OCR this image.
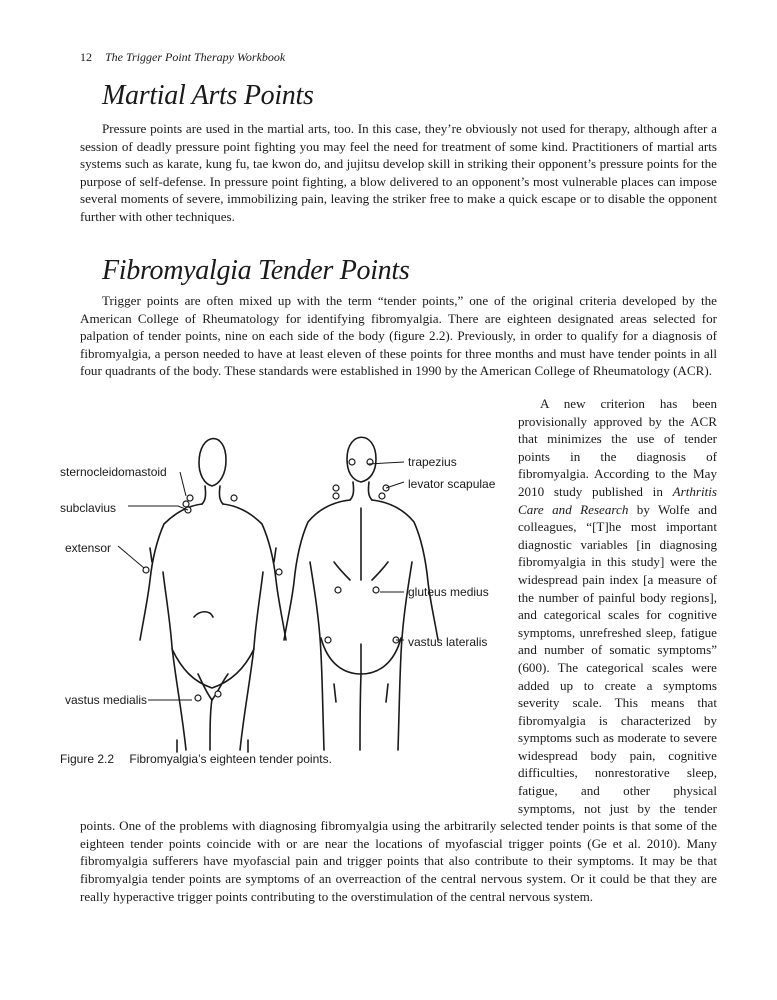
12 The Trigger Point Therapy Workbook
Martial Arts Points

Pressure points are used in the martial arts, too. In this case, they’re obviously not used for therapy, although after a session of deadly pressure point fighting you may feel the need for treatment of some kind. Practitioners of martial arts systems such as karate, kung fu, tae kwon do, and jujitsu develop skill in striking their opponent’s pressure points for the purpose of self-defense. In pressure point fighting, a blow delivered to an opponent’s most vulnerable places can impose several moments of severe, immobilizing pain, leaving the striker free to make a quick escape or to disable the opponent further with other techniques.

Fibromyalgia Tender Points

Trigger points are often mixed up with the term “tender points,” one of the original criteria developed by the American College of Rheumatology for identifying fibromyalgia. There are eighteen designated areas selected for palpation of tender points, nine on each side of the body (figure 2.2). Previously, in order to qualify for a diagnosis of fibromyalgia, a person needed to have at least eleven of these points for three months and must have tender points in all four quadrants of the body. These standards were established in 1990 by the American College of Rheumatology (ACR).

A new criterion has been provisionally approved by the ACR that minimizes the use of tender points in the diagnosis of fibromyalgia. According to the May 2010 study published in Arthritis Care and Research by Wolfe and colleagues, “[T]he most important diagnostic variables [in diagnosing fibromyalgia in this study] were the widespread pain index [a measure of the number of painful body regions], and categorical scales for cognitive symptoms, unrefreshed sleep, fatigue and number of somatic symptoms” (600). The categorical scales were added up to create a symptoms severity scale. This means that fibromyalgia is characterized by symptoms such as moderate to severe widespread body pain, cognitive difficulties, nonrestorative sleep, fatigue, and other physical symptoms, not just by the tender points. One of the problems with diagnosing fibromyalgia using the arbitrarily selected tender points is that some of the eighteen tender points coincide with or are near the locations of myofascial trigger points (Ge et al. 2010). Many fibromyalgia sufferers have myofascial pain and trigger points that also contribute to their symptoms. It may be that fibromyalgia tender points are symptoms of an overreaction of the central nervous system. Or it could be that they are really hyperactive trigger points contributing to the overstimulation of the central nervous system.

sternocleidomastoid
subclavius
extensor
vastus medialis
trapezius
levator scapulae
gluteus medius
vastus lateralis
Figure 2.2 Fibromyalgia’s eighteen tender points.
